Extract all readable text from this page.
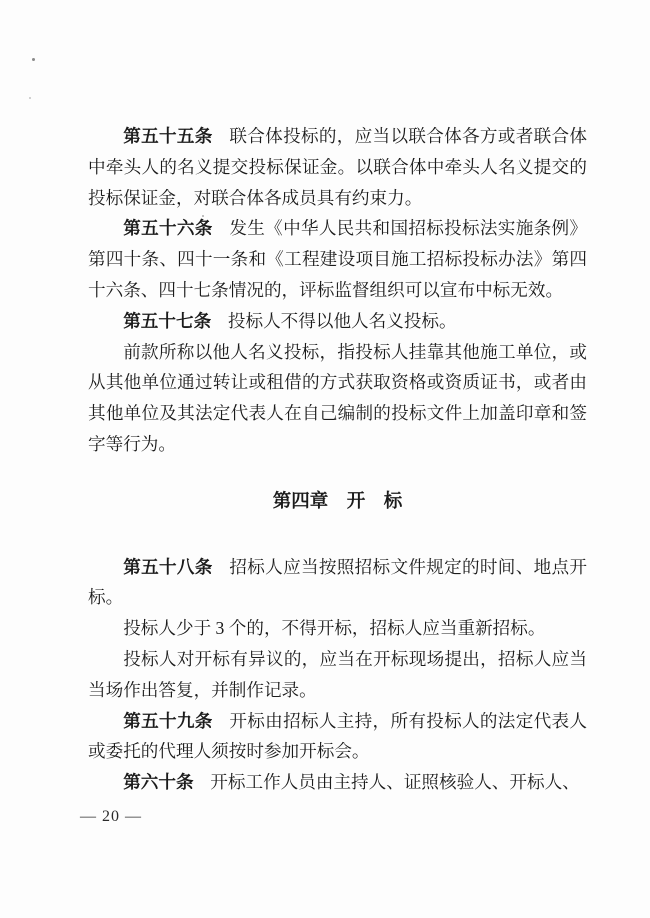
第五十五条 联合体投标的，应当以联合体各方或者联合体中牵头人的名义提交投标保证金。以联合体中牵头人名义提交的投标保证金，对联合体各成员具有约束力。

第五十六条 发生《中华人民共和国招标投标法实施条例》第四十条、四十一条和《工程建设项目施工招标投标办法》第四十六条、四十七条情况的，评标监督组织可以宣布中标无效。

第五十七条 投标人不得以他人名义投标。

前款所称以他人名义投标，指投标人挂靠其他施工单位，或从其他单位通过转让或租借的方式获取资格或资质证书，或者由其他单位及其法定代表人在自己编制的投标文件上加盖印章和签字等行为。

第四章　开　标

第五十八条 招标人应当按照招标文件规定的时间、地点开标。

投标人少于 3 个的，不得开标，招标人应当重新招标。

投标人对开标有异议的，应当在开标现场提出，招标人应当当场作出答复，并制作记录。

第五十九条 开标由招标人主持，所有投标人的法定代表人或委托的代理人须按时参加开标会。

第六十条 开标工作人员由主持人、证照核验人、开标人、

— 20 —
